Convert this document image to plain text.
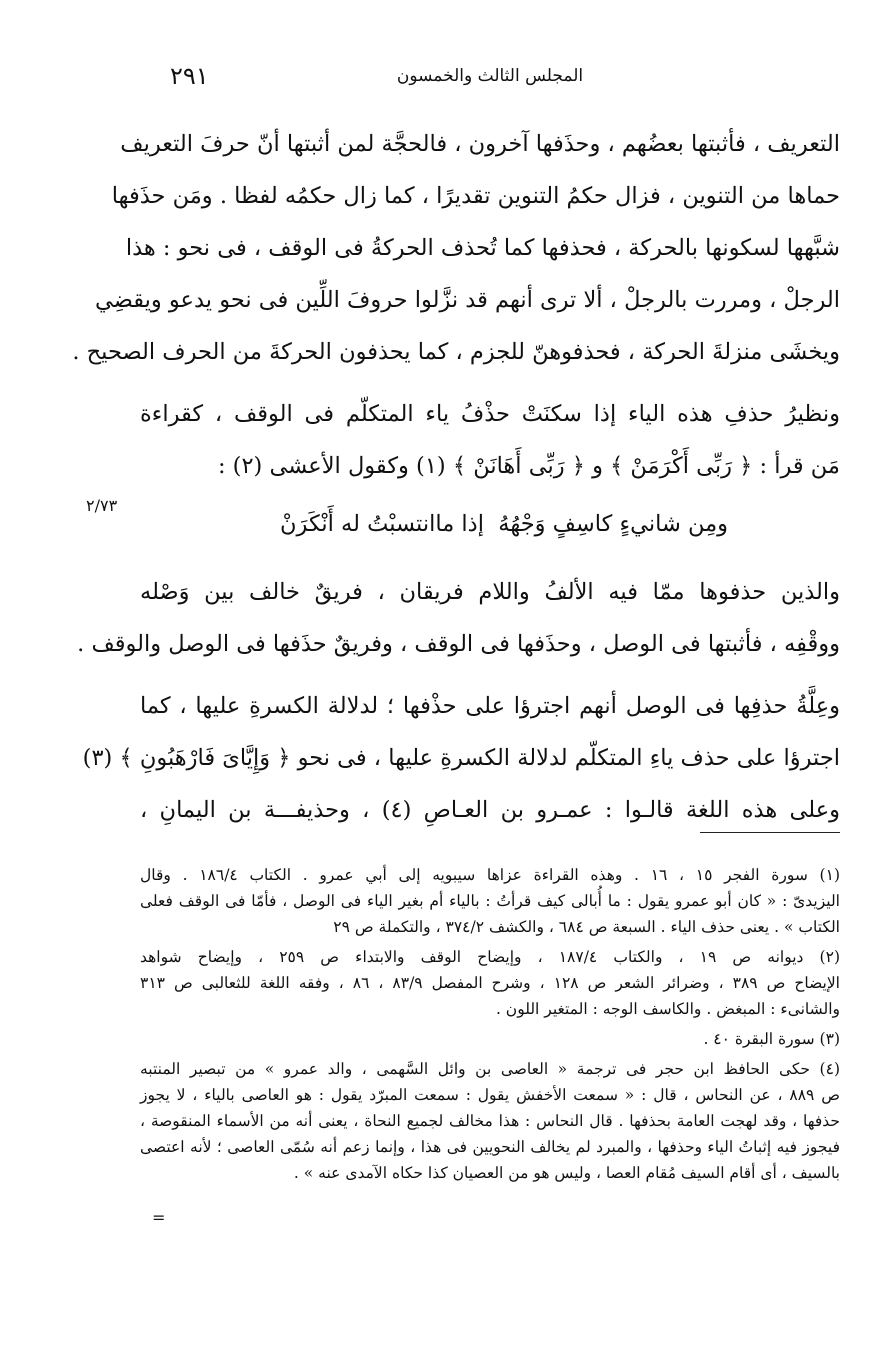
المجلس الثالث والخمسون
٢٩١
التعريف ، فأثبتها بعضُهم ، وحذَفها آخرون ، فالحجَّة لمن أثبتها أنّ حرفَ التعريف
حماها من التنوين ، فزال حكمُ التنوين تقديرًا ، كما زال حكمُه لفظا . ومَن حذَفها
شبَّهها لسكونها بالحركة ، فحذفها كما تُحذف الحركةُ فى الوقف ، فى نحو : هذا
الرجلْ ، ومررت بالرجلْ ، ألا ترى أنهم قد نزَّلوا حروفَ اللِّين فى نحو يدعو ويقضِي
ويخشَى منزلةَ الحركة ، فحذفوهنّ للجزم ، كما يحذفون الحركةَ من الحرف الصحيح .
ونظيرُ حذفِ هذه الياء إذا سكنَتْ حذْفُ ياء المتكلّم فى الوقف ، كقراءة
مَن قرأ : ﴿ رَبِّى أَكْرَمَنْ ﴾ و ﴿ رَبِّى أَهَانَنْ ﴾ (١) وكقول الأعشى (٢) :
ومِن شانيءٍ كاسِفٍ وَجْهُهُ
إذا ماانتسبْتُ له أَنْكَرَنْ
والذين حذفوها ممّا فيه الألفُ واللام فريقان ، فريقٌ خالف بين وَصْله
ووقْفِه ، فأثبتها فى الوصل ، وحذَفها فى الوقف ، وفريقٌ حذَفها فى الوصل والوقف .
وعِلَّةُ حذفِها فى الوصل أنهم اجترؤا على حذْفها ؛ لدلالة الكسرةِ عليها ، كما
اجترؤا على حذف ياءِ المتكلّم لدلالة الكسرةِ عليها ، فى نحو ﴿ وَإِيَّاىَ فَارْهَبُونِ ﴾ (٣)
وعلى هذه اللغة قالـوا : عمـرو بن العـاصِ (٤) ، وحذيفـــة بن اليمانِ ،
٢/٧٣
(١) سورة الفجر ١٥ ، ١٦ . وهذه القراءة عزاها سيبويه إلى أبي عمرو . الكتاب ١٨٦/٤ . وقال
اليزيدىّ : « كان أبو عمرو يقول : ما أُبالى كيف قرأتُ : بالياء أم بغير الياء فى الوصل ، فأمّا فى الوقف فعلى
الكتاب » . يعنى حذف الياء . السبعة ص ٦٨٤ ، والكشف ٣٧٤/٢ ، والتكملة ص ٢٩
(٢) ديوانه ص ١٩ ، والكتاب ١٨٧/٤ ، وإيضاح الوقف والابتداء ص ٢٥٩ ، وإيضاح شواهد
الإيضاح ص ٣٨٩ ، وضرائر الشعر ص ١٢٨ ، وشرح المفصل ٨٣/٩ ، ٨٦ ، وفقه اللغة للثعالبى ص ٣١٣
والشانىء : المبغض . والكاسف الوجه : المتغير اللون .
(٣) سورة البقرة ٤٠ .
(٤) حكى الحافظ ابن حجر فى ترجمة « العاصى بن وائل السَّهمى ، والد عمرو » من تبصير المنتبه
ص ٨٨٩ ، عن النحاس ، قال : « سمعت الأخفش يقول : سمعت المبرّد يقول : هو العاصى بالياء ، لا يجوز
حذفها ، وقد لهجت العامة بحذفها . قال النحاس : هذا مخالف لجميع النحاة ، يعنى أنه من الأسماء المنقوصة ،
فيجوز فيه إثباتُ الياء وحذفها ، والمبرد لم يخالف النحويين فى هذا ، وإنما زعم أنه سُمّى العاصى ؛ لأنه اعتصى
بالسيف ، أى أقام السيف مُقام العصا ، وليس هو من العصيان كذا حكاه الآمدى عنه » .
=
